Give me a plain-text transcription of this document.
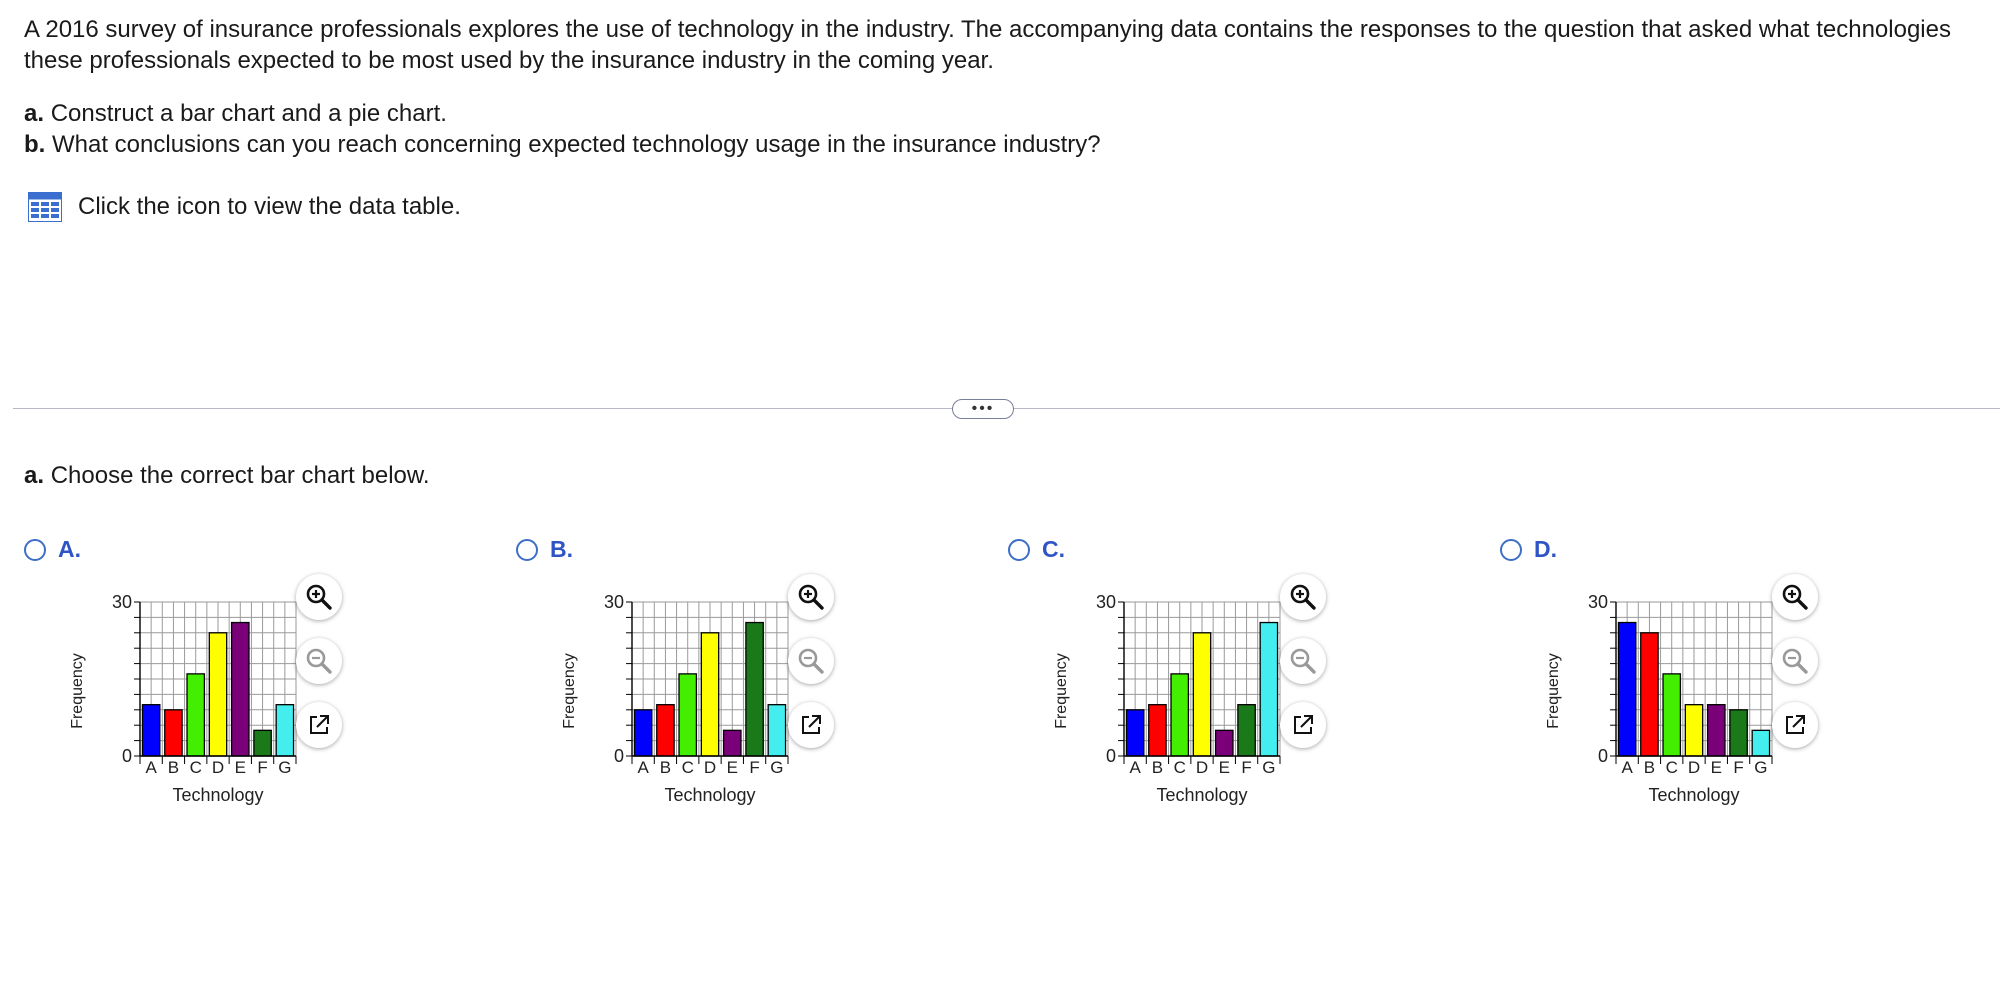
A 2016 survey of insurance professionals explores the use of technology in the industry. The accompanying data contains the responses to the question that asked what technologies these professionals expected to be most used by the insurance industry in the coming year.

a. Construct a bar chart and a pie chart.

b. What conclusions can you reach concerning expected technology usage in the insurance industry?

Click the icon to view the data table.
•••
a. Choose the correct bar chart below.
A.
0
30
A B C D E F G
Technology
Frequency
B.
0
30
A B C D E F G
Technology
Frequency
C.
0
30
A B C D E F G
Technology
Frequency
D.
0
30
A B C D E F G
Technology
Frequency
